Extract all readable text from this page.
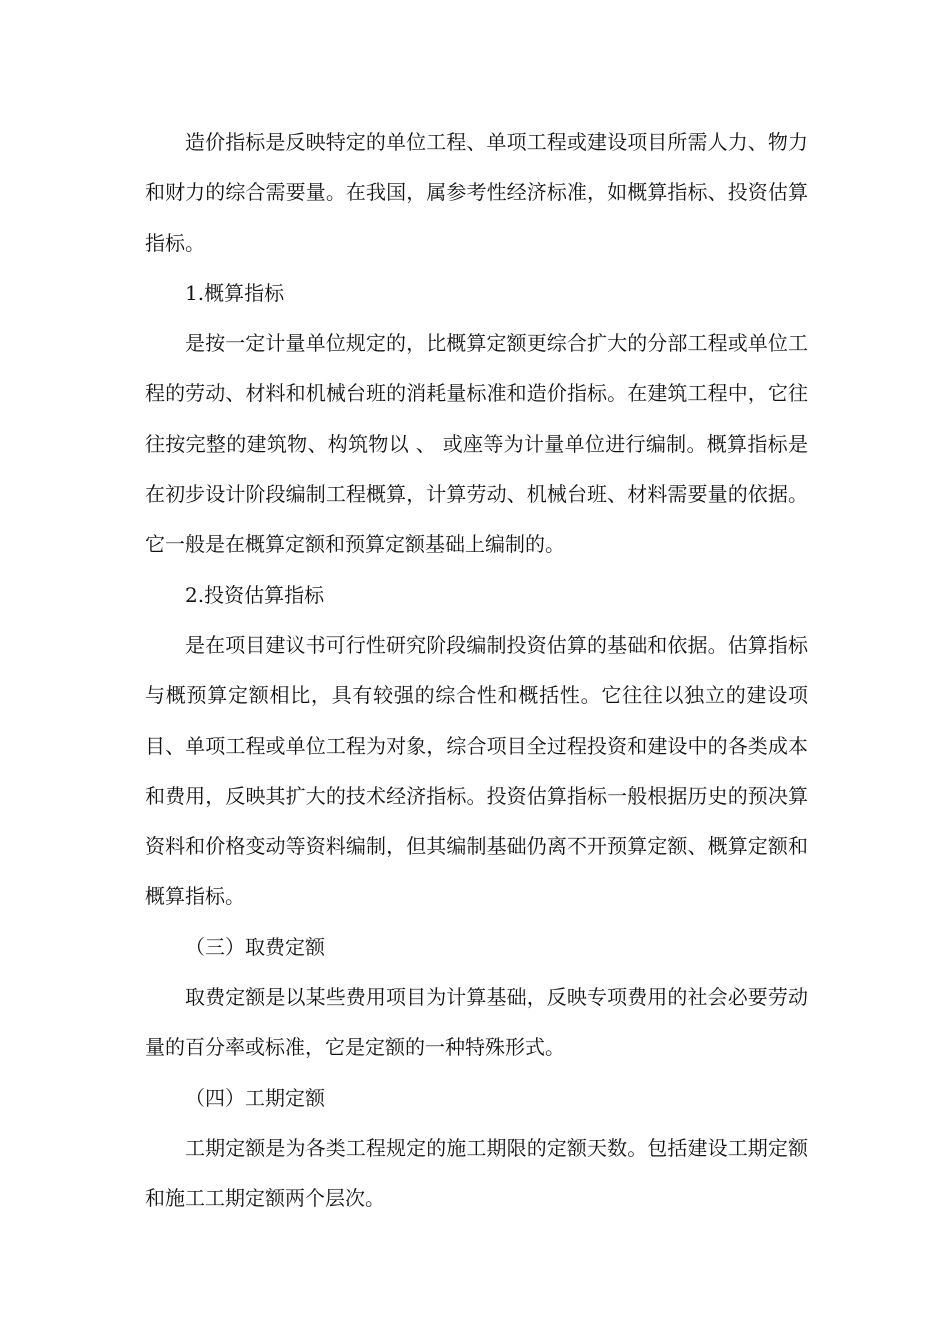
造价指标是反映特定的单位工程、单项工程或建设项目所需人力、物力和财力的综合需要量。在我国，属参考性经济标准，如概算指标、投资估算指标。

1.概算指标

是按一定计量单位规定的，比概算定额更综合扩大的分部工程或单位工程的劳动、材料和机械台班的消耗量标准和造价指标。在建筑工程中，它往往按完整的建筑物、构筑物以 、 或座等为计量单位进行编制。概算指标是在初步设计阶段编制工程概算，计算劳动、机械台班、材料需要量的依据。它一般是在概算定额和预算定额基础上编制的。

2.投资估算指标

是在项目建议书可行性研究阶段编制投资估算的基础和依据。估算指标与概预算定额相比，具有较强的综合性和概括性。它往往以独立的建设项目、单项工程或单位工程为对象，综合项目全过程投资和建设中的各类成本和费用，反映其扩大的技术经济指标。投资估算指标一般根据历史的预决算资料和价格变动等资料编制，但其编制基础仍离不开预算定额、概算定额和概算指标。

（三）取费定额

取费定额是以某些费用项目为计算基础，反映专项费用的社会必要劳动量的百分率或标准，它是定额的一种特殊形式。

（四）工期定额

工期定额是为各类工程规定的施工期限的定额天数。包括建设工期定额和施工工期定额两个层次。
